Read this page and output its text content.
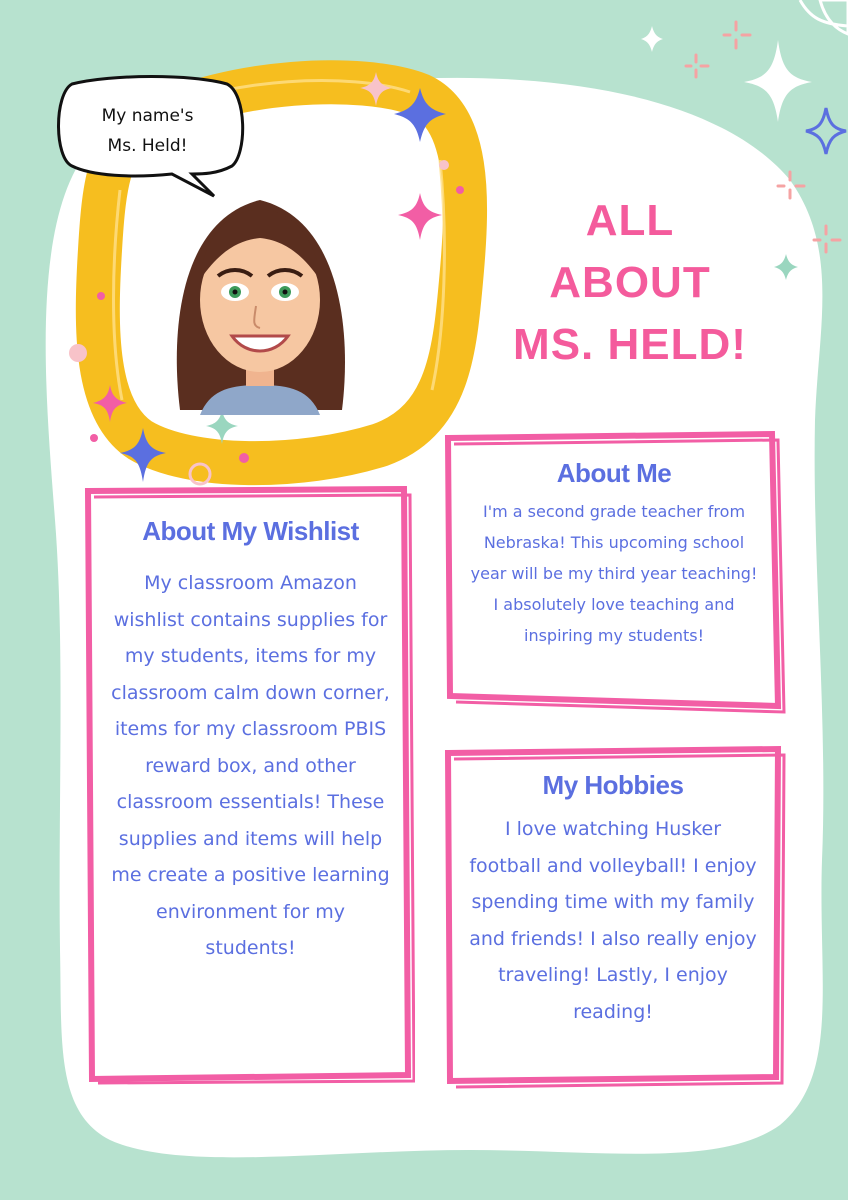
My name's
Ms. Held!
ALL
ABOUT
MS. HELD!
About My Wishlist

My classroom Amazon wishlist contains supplies for my students, items for my classroom calm down corner, items for my classroom PBIS reward box, and other classroom essentials! These supplies and items will help me create a positive learning environment for my students!

About Me

I'm a second grade teacher from Nebraska! This upcoming school year will be my third year teaching! I absolutely love teaching and inspiring my students!

My Hobbies

I love watching Husker football and volleyball! I enjoy spending time with my family and friends! I also really enjoy traveling! Lastly, I enjoy reading!
